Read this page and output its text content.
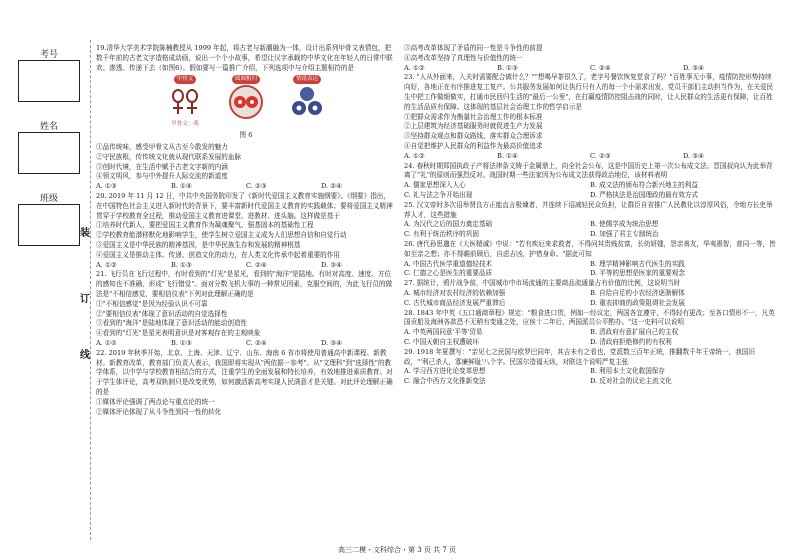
考号
姓名
班级
装
订
线

19.清华大学美术学院陈楠教授从 1999 年起，将古老与新潮融为一体，设计出系列甲骨文表情包，把数千年前的古老文字造格成动画，说出一个个小故事，希望让汉字承载的中华文化在年轻人的日常中联欢、渗透、传递下去（如图6）。假如要写一篇推广介绍，下列选项中与介绍主题相符的是

甲骨文
甲骨文：萌
圆圆相归	情绪表达
图 6

①品传统味，感受甲骨文从古至今散发的魅力

②守民族根，传传统文化就从现代联系发展的血脉

③创时代境，在生活中赋予古老文字新的内涵

④领文明风，参与中外提升人际交流的新道度

A. ①③	B. ①④	C. ②③	D. ②④

20. 2019 年 11 月 12 日，中共中央国务院印发了《新时代爱国主义教育实施纲要》。《纲要》指出，在中国特色社会主义进入新时代的背景下，要丰富新时代爱国主义教育的实践载体；要将爱国主义精神贯穿于学校教育全过程，推动爱国主义教育进课堂、进教材、进头脑。这样做是基于

①培养时代新人，要把爱国主义教育作为凝魂聚气、强基固本的基础性工程

②学校教育能潜移默化地影响学生，使学生树立爱国主义成为人们思想自信和自觉行动

③爱国主义是中华民族的精神基因，是中华民族生存和发展的精神根基

④爱国主义是推动主体、传递、创造文化的动力，在人类文化传承中起着重要的作用

A. ①②	B. ①③	C. ②④	D. ③④

21. 飞行员在飞行过程中，有时看到的"灯光"是星光，看到的"海洋"是陆地。有时对高度、速度、方位的感知也不准确，形成"飞行错觉"。面对分数飞机大事的一种常见因素，克服空间的，为此飞行员的做法是"不相信感觉，要相信仪表"下列对此理解正确的是

①"不相信感觉"是因为经验认识不可靠

②"要相信仪表"体现了意识活动的自觉选择性

③看到的"海洋"是陆地体现了意识活动的能动创造性

④看到的"灯光"是星光表明意识是对客观存在的主观映象

A. ①②	B. ①③	C. ②④	D. ③④

22. 2019 年秋季开始，北京、上海、天津、辽宁、山东、海南 6 省市将使用普通高中新课程、新教材。新教育改革，教育部门负责人表示，我国即将实现从"两依据一参考"、从"文理科"到"选择性"的教学体系，以中学与学校教育相结合的方式，注重学生的全面发展和特长培养，有效地推进素质教育。对于学生体评论，高考双轨制只是改变优势，如何激活新高考实现人民满意才是关键。对此评论理解正确的是

①媒体评论强调了两点论与重点论的统一

②媒体评论体现了从斗争性到同一性的转化

③高考改革体现了矛盾的同一性是斗争性的前提

④高考改革坚持了真理性与价值性的统一

A. ①②	B. ①③	C. ②④	D. ③④

23. "人从外面来，入夫时需要配合做什么？""想喝早茶很久了，老字号餐饮恢复堂食了吗？"百姓事无小事，疫情防控形势持续向好，各地正在有序推进复工复产。公共服务发展如何让执行只有人的每一个小需求出发，党员干部们主动担当作为，在关爱民生中把工作做细做实，打通市民回归生活的"最后一公里"，在打赢疫情防控阻击战的同时，让人民群众的生活更有保障，让百姓的生活品质有保障。这体现的基层社会治理工作的哲学启示是

①把群众需求作为衡量社会治理工作的根本标准

②上层建筑为经济基础服务时就促进生产力发展

③坚持群众观点和群众路线，落实群众合理诉求

④自觉把维护人民群众的利益作为最高价值追求

A. ①②	B. ①④	C. ②③	D. ③④

24. 春秋时期郑国执政子产将法律条文铸于金属鼎上，向全社会公布，这是中国历史上第一次公布成文法。晋国叔向认为此举背离了"礼"的原则而强烈反对。战国时期一些法家因为公布成文法获得政治地位，该材料表明

A. 儒家思想深入人心	B. 成文法的颁布符合新兴地主的利益
C. 礼与法之争开始出现	D. 严格执法是治国理政的最有效方式

25. 汉文帝时多次诏举贤良方正能直言极谏者，并连续下诏减轻民众负担，让群臣自省推广人民教化以淳厚风俗，令地方长吏举荐人才，这些措施

A. 为汉代之后的国力奠定基础	B. 使儒学成为统治思想
C. 有利于统治秩序的巩固	D. 加强了君主专制统治

26. 唐代孙思邈在《大医精诚》中说："若有疾厄来求救者，不得问其贵贱贫富，长幼妍媸，怨亲善友，华夷愚智，普同一等，皆如至亲之想；亦不得瞻前顾后，自虑吉凶，护惜身命。"据此可知

A. 中国古代医学重道德轻技术	B. 理学精神影响古代医生的实践
C. 仁德之心是医生的重要品质	D. 平等的思想是医家的重要观念

27. 据统计，鸦片战争前，中国城市中市场流通的主要商品流通量占有价值的比例，这说明当时

A. 城市经济对农村经济的依赖加强	B. 自给自足的小农经济逐渐解体
C. 古代城市商品经济发展严重滞后	D. 重农抑商的政策阻碍社会发展

28. 1843 年中英《五口通商章程》规定："粮食进口货，例如一经议定，两国各宜遵守，不得轻有更改；至各口情形不一，凡英国贡船及海洲各款恐不无稍有变通之处，应俟十二年后，两国派员公平酌办。"这一史料可以说明

A. 中英两国同意'平等'贸易	B. 清政府有意扩展自己的主权
C. 中国天朝自主权遭破坏	D. 清政府拒绝修约的有权利

29. 1918 年夏撰写："亲见七之民国与欧罗巴同年，其吉未有之看也，党派数三百年正统，推翻数千年王帝统一，我国旧政，"'利己杀人，寡廉鲜耻'八个字。民国尔造福天纵，对联这个说明严复主张

A. 学习西方进化论变革思想	B. 利用本土文化救国保存
C. 融合中西方文化推新变法	D. 反对社会的议论主流文化
高三二模・文科综合・第 3 页 共 7 页
